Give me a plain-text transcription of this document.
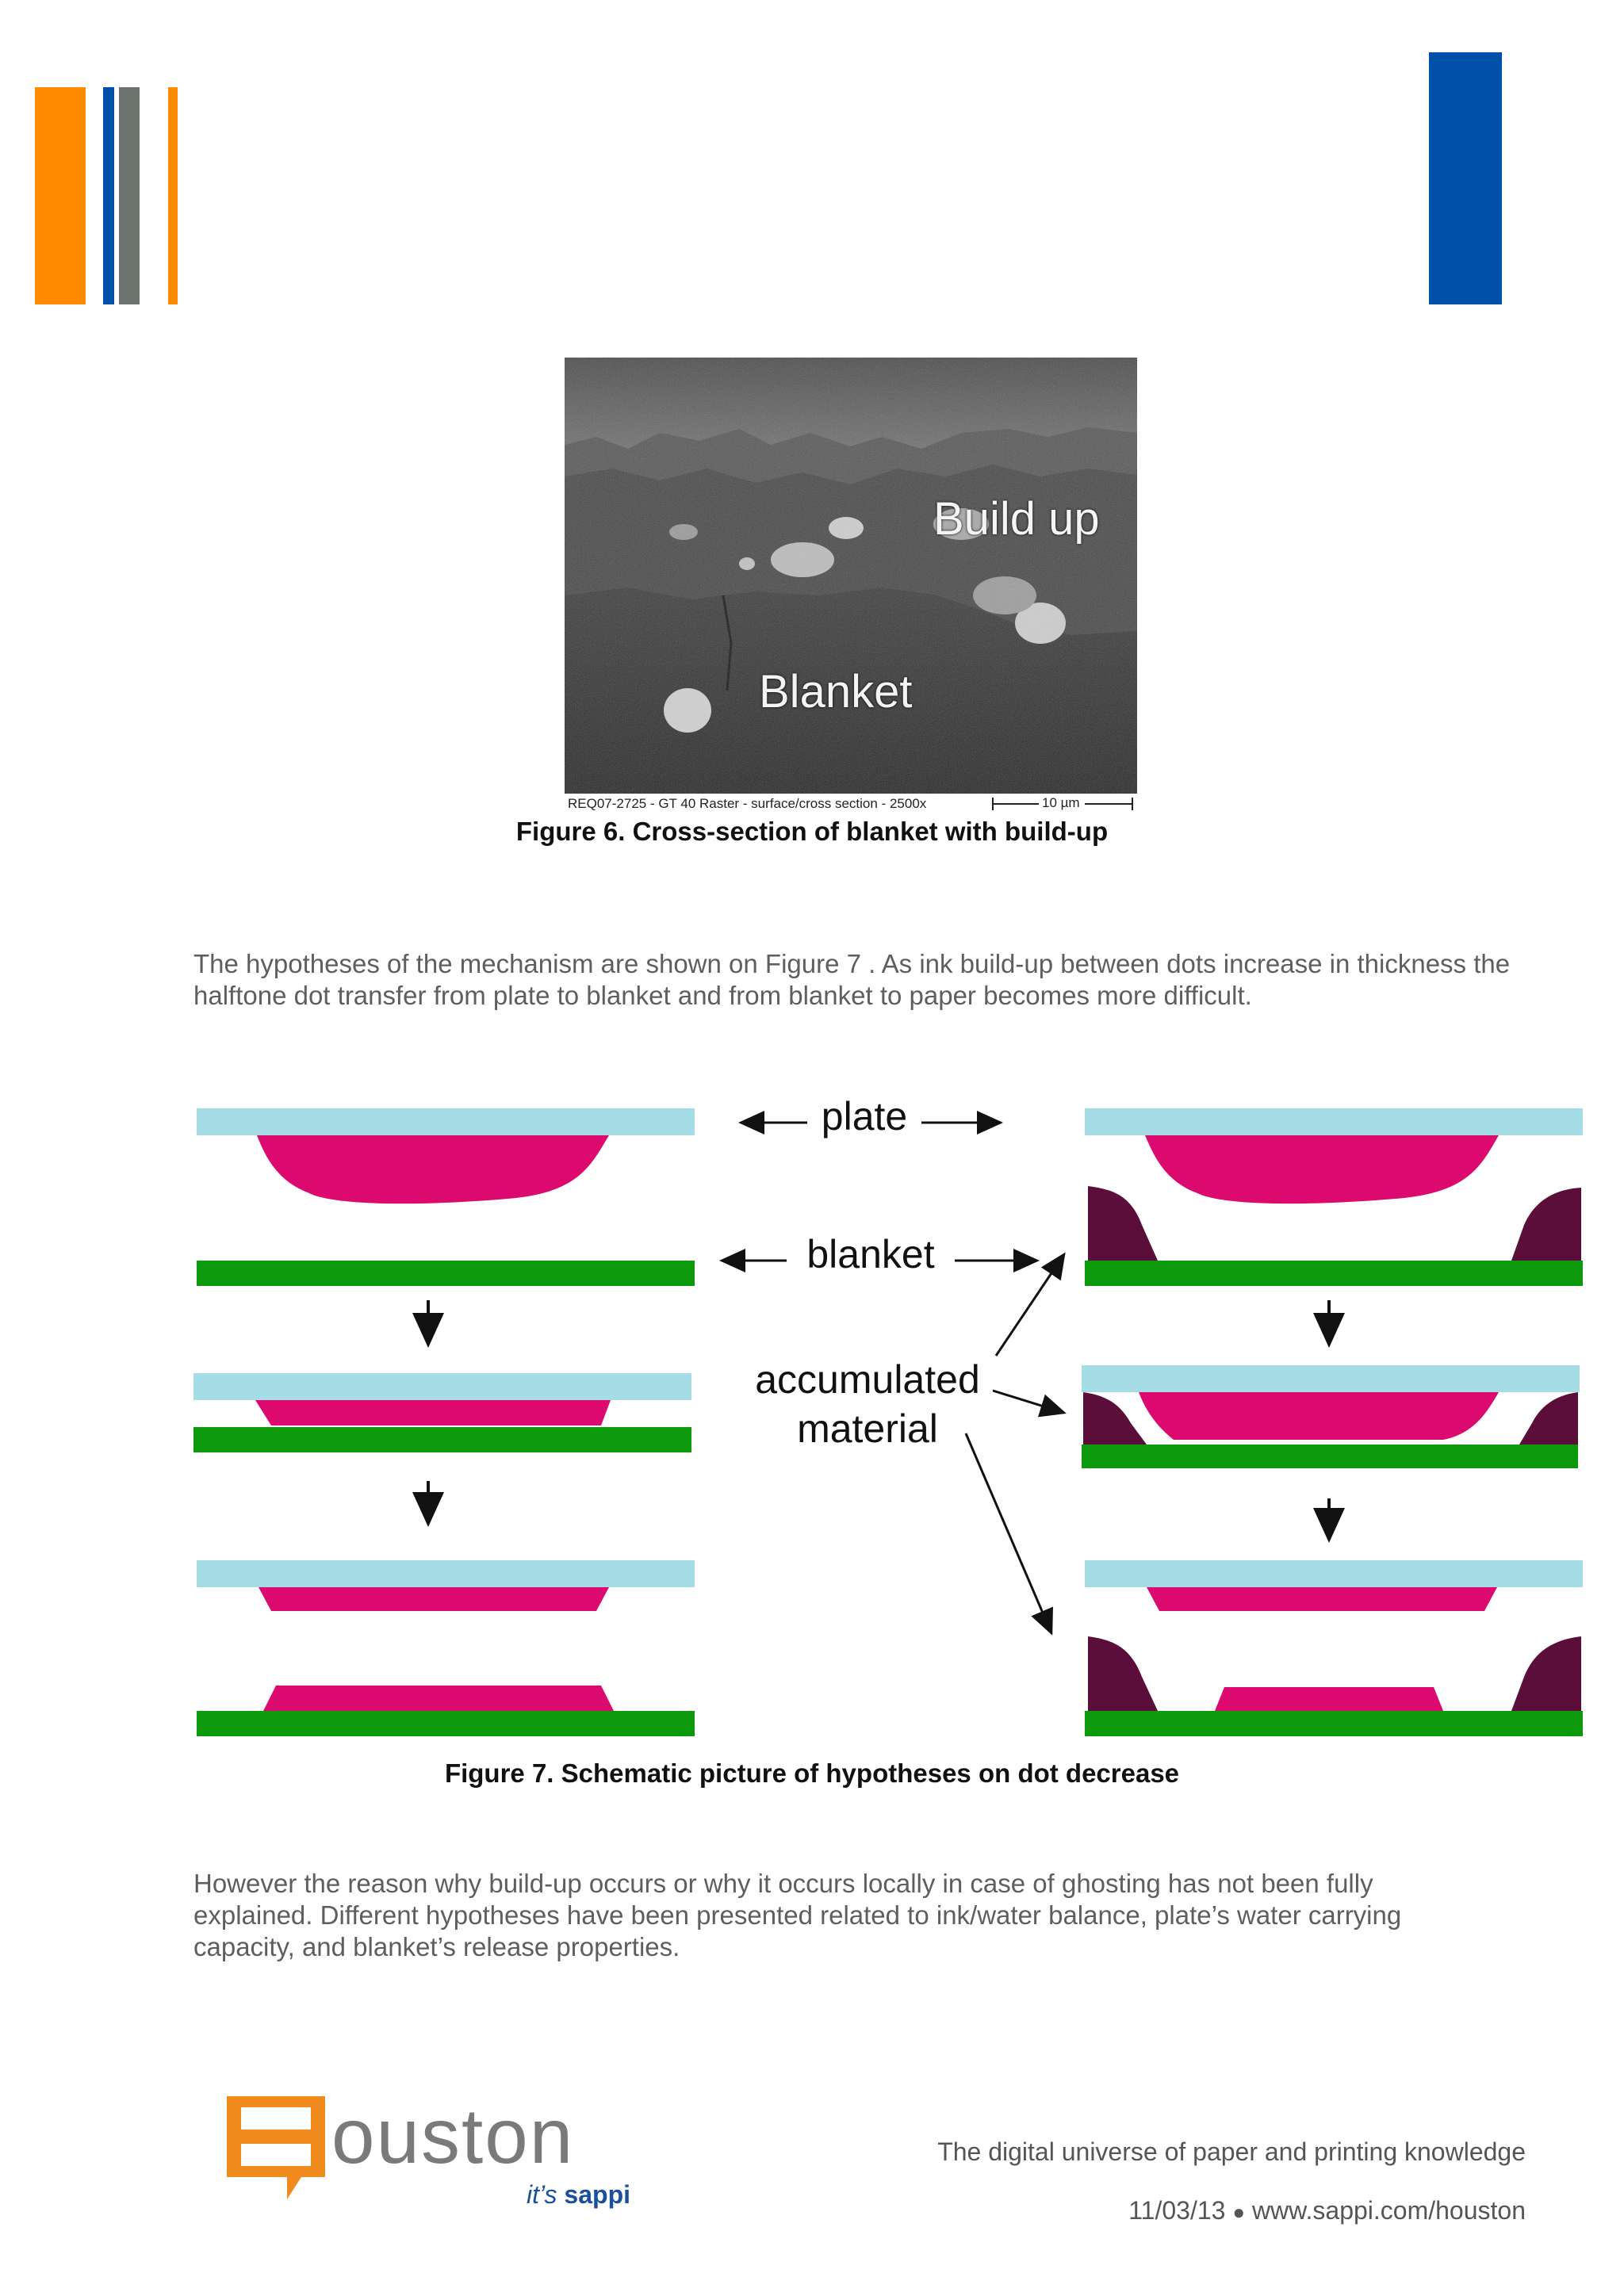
Build up
Blanket
REQ07-2725 - GT 40 Raster - surface/cross section - 2500x	10 µm
Figure 6. Cross-section of blanket with build-up

The hypotheses of the mechanism are shown on Figure 7 . As ink build-up between dots increase in thickness the halftone dot transfer from plate to blanket and from blanket to paper becomes more difficult.

plate
blanket
accumulated
material
Figure 7. Schematic picture of hypotheses on dot decrease

However the reason why build-up occurs or why it occurs locally in case of ghosting has not been fully

explained. Different hypotheses have been presented related to ink/water balance, plate’s water carrying

capacity, and blanket’s release properties.

ouston
it’s sappi
The digital universe of paper and printing knowledge
11/03/13 ● www.sappi.com/houston
